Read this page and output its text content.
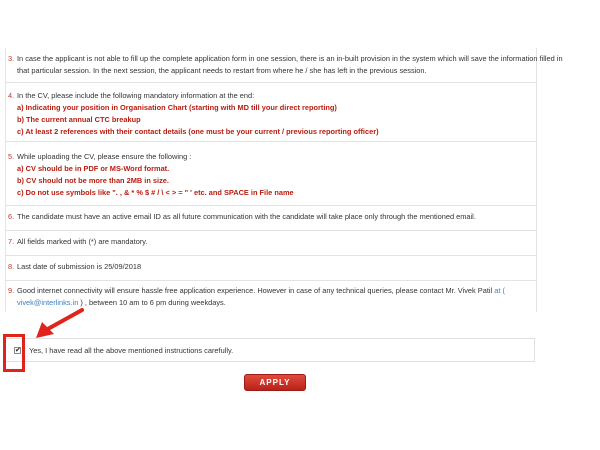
3. In case the applicant is not able to fill up the complete application form in one session, there is an in-built provision in the system which will save the information filled in
that particular session. In the next session, the applicant needs to restart from where he / she has left in the previous session.
4. In the CV, please include the following mandatory information at the end:
a) Indicating your position in Organisation Chart (starting with MD till your direct reporting)
b) The current annual CTC breakup
c) At least 2 references with their contact details (one must be your current / previous reporting officer)
5. While uploading the CV, please ensure the following :
a) CV should be in PDF or MS-Word format.
b) CV should not be more than 2MB in size.
c) Do not use symbols like ". , & * % $ # / \ < > = " ' etc. and SPACE in File name
6. The candidate must have an active email ID as all future communication with the candidate will take place only through the mentioned email.
7. All fields marked with (*) are mandatory.
8. Last date of submission is 25/09/2018
9. Good internet connectivity will ensure hassle free application experience. However in case of any technical queries, please contact Mr. Vivek Patil at (
vivek@interlinks.in ) , between 10 am to 6 pm during weekdays.
✔ Yes, I have read all the above mentioned instructions carefully.
APPLY
